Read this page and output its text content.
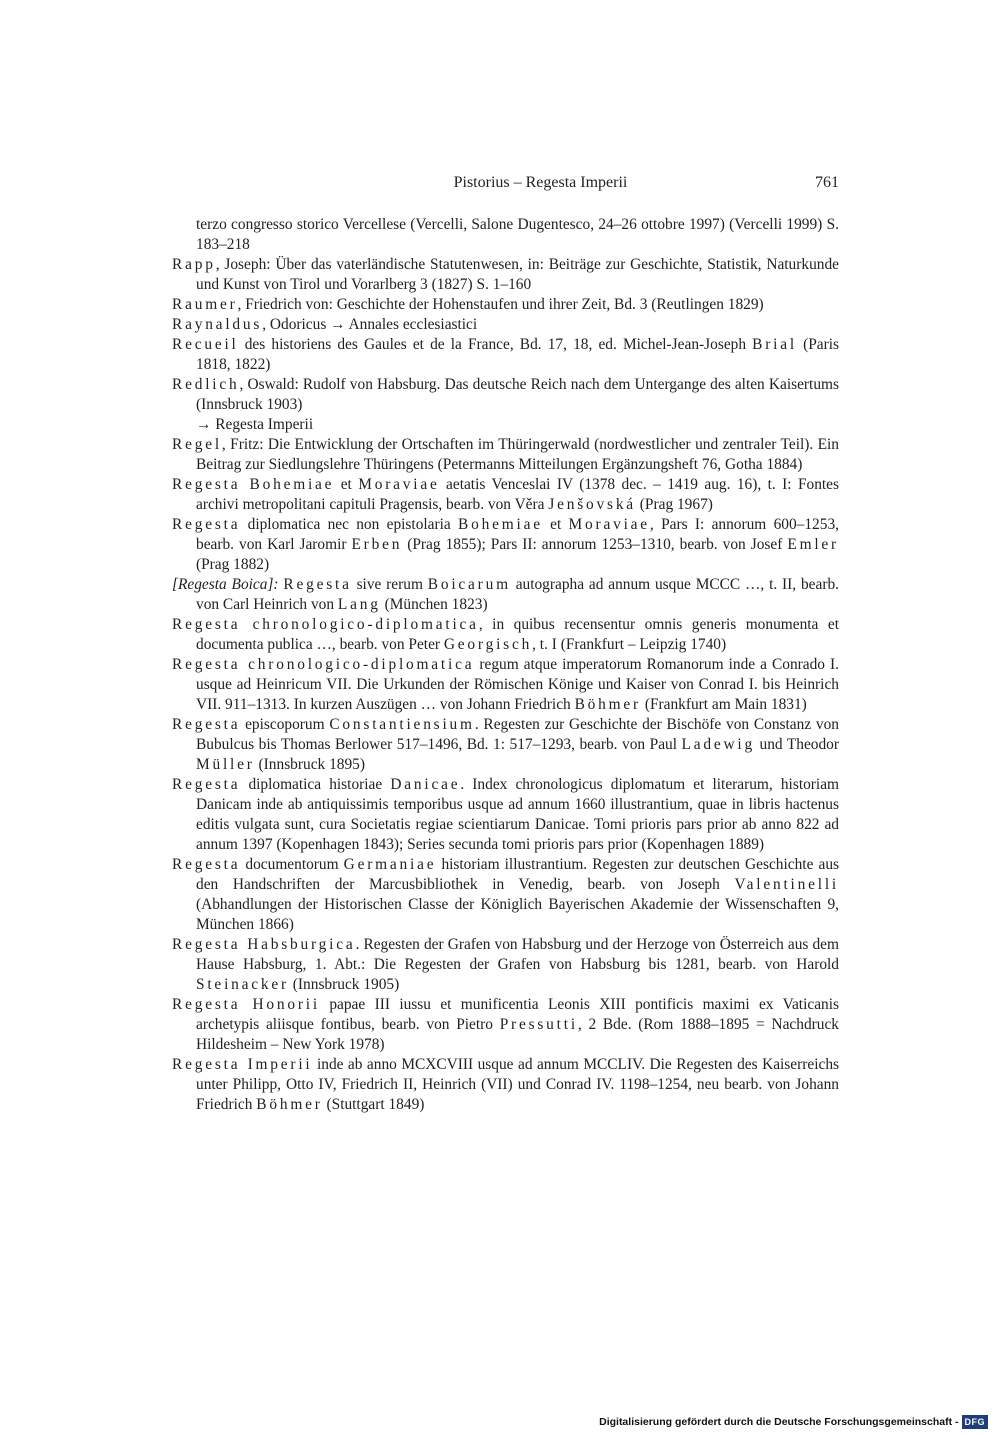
Pistorius – Regesta Imperii	761

terzo congresso storico Vercellese (Vercelli, Salone Dugentesco, 24–26 ottobre 1997) (Vercelli 1999) S. 183–218

Rapp, Joseph: Über das vaterländische Statutenwesen, in: Beiträge zur Geschichte, Statistik, Naturkunde und Kunst von Tirol und Vorarlberg 3 (1827) S. 1–160

Raumer, Friedrich von: Geschichte der Hohenstaufen und ihrer Zeit, Bd. 3 (Reutlingen 1829)

Raynaldus, Odoricus → Annales ecclesiastici

Recueil des historiens des Gaules et de la France, Bd. 17, 18, ed. Michel-Jean-Joseph Brial (Paris 1818, 1822)

Redlich, Oswald: Rudolf von Habsburg. Das deutsche Reich nach dem Untergange des alten Kaisertums (Innsbruck 1903)

→ Regesta Imperii

Regel, Fritz: Die Entwicklung der Ortschaften im Thüringerwald (nordwestlicher und zentraler Teil). Ein Beitrag zur Siedlungslehre Thüringens (Petermanns Mitteilungen Ergänzungsheft 76, Gotha 1884)

Regesta Bohemiae et Moraviae aetatis Venceslai IV (1378 dec. – 1419 aug. 16), t. I: Fontes archivi metropolitani capituli Pragensis, bearb. von Věra Jenšovská (Prag 1967)

Regesta diplomatica nec non epistolaria Bohemiae et Moraviae, Pars I: annorum 600–1253, bearb. von Karl Jaromir Erben (Prag 1855); Pars II: annorum 1253–1310, bearb. von Josef Emler (Prag 1882)

[Regesta Boica]: Regesta sive rerum Boicarum autographa ad annum usque MCCC …, t. II, bearb. von Carl Heinrich von Lang (München 1823)

Regesta chronologico-diplomatica, in quibus recensentur omnis generis monumenta et documenta publica …, bearb. von Peter Georgisch, t. I (Frankfurt – Leipzig 1740)

Regesta chronologico-diplomatica regum atque imperatorum Romanorum inde a Conrado I. usque ad Heinricum VII. Die Urkunden der Römischen Könige und Kaiser von Conrad I. bis Heinrich VII. 911–1313. In kurzen Auszügen … von Johann Friedrich Böhmer (Frankfurt am Main 1831)

Regesta episcoporum Constantiensium. Regesten zur Geschichte der Bischöfe von Constanz von Bubulcus bis Thomas Berlower 517–1496, Bd. 1: 517–1293, bearb. von Paul Ladewig und Theodor Müller (Innsbruck 1895)

Regesta diplomatica historiae Danicae. Index chronologicus diplomatum et literarum, historiam Danicam inde ab antiquissimis temporibus usque ad annum 1660 illustrantium, quae in libris hactenus editis vulgata sunt, cura Societatis regiae scientiarum Danicae. Tomi prioris pars prior ab anno 822 ad annum 1397 (Kopenhagen 1843); Series secunda tomi prioris pars prior (Kopenhagen 1889)

Regesta documentorum Germaniae historiam illustrantium. Regesten zur deutschen Geschichte aus den Handschriften der Marcusbibliothek in Venedig, bearb. von Joseph Valentinelli (Abhandlungen der Historischen Classe der Königlich Bayerischen Akademie der Wissenschaften 9, München 1866)

Regesta Habsburgica. Regesten der Grafen von Habsburg und der Herzoge von Österreich aus dem Hause Habsburg, 1. Abt.: Die Regesten der Grafen von Habsburg bis 1281, bearb. von Harold Steinacker (Innsbruck 1905)

Regesta Honorii papae III iussu et munificentia Leonis XIII pontificis maximi ex Vaticanis archetypis aliisque fontibus, bearb. von Pietro Pressutti, 2 Bde. (Rom 1888–1895 = Nachdruck Hildesheim – New York 1978)

Regesta Imperii inde ab anno MCXCVIII usque ad annum MCCLIV. Die Regesten des Kaiserreichs unter Philipp, Otto IV, Friedrich II, Heinrich (VII) und Conrad IV. 1198–1254, neu bearb. von Johann Friedrich Böhmer (Stuttgart 1849)

Digitalisierung gefördert durch die Deutsche Forschungsgemeinschaft - DFG
